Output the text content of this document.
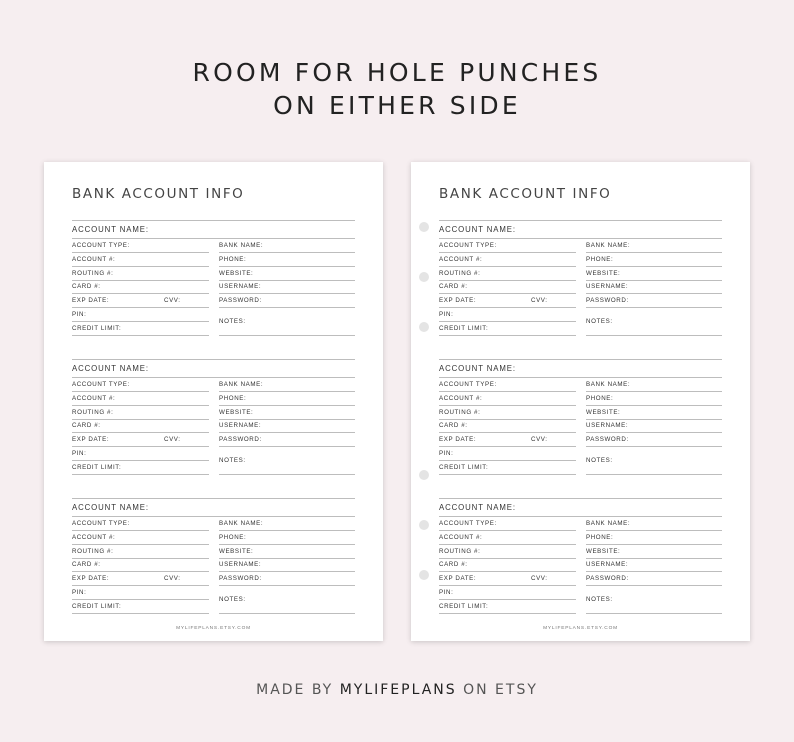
ROOM FOR HOLE PUNCHES
ON EITHER SIDE
BANK ACCOUNT INFO
ACCOUNT NAME:
ACCOUNT TYPE:	BANK NAME:
ACCOUNT #:	PHONE:
ROUTING #:	WEBSITE:
CARD #:	USERNAME:
EXP DATE:	CVV:	PASSWORD:
PIN:
CREDIT LIMIT:
NOTES:
ACCOUNT NAME:
ACCOUNT TYPE:	BANK NAME:
ACCOUNT #:	PHONE:
ROUTING #:	WEBSITE:
CARD #:	USERNAME:
EXP DATE:	CVV:	PASSWORD:
PIN:
CREDIT LIMIT:
NOTES:
ACCOUNT NAME:
ACCOUNT TYPE:	BANK NAME:
ACCOUNT #:	PHONE:
ROUTING #:	WEBSITE:
CARD #:	USERNAME:
EXP DATE:	CVV:	PASSWORD:
PIN:
CREDIT LIMIT:
NOTES:
MYLIFEPLANS.ETSY.COM
BANK ACCOUNT INFO
ACCOUNT NAME:
ACCOUNT TYPE:	BANK NAME:
ACCOUNT #:	PHONE:
ROUTING #:	WEBSITE:
CARD #:	USERNAME:
EXP DATE:	CVV:	PASSWORD:
PIN:
CREDIT LIMIT:
NOTES:
ACCOUNT NAME:
ACCOUNT TYPE:	BANK NAME:
ACCOUNT #:	PHONE:
ROUTING #:	WEBSITE:
CARD #:	USERNAME:
EXP DATE:	CVV:	PASSWORD:
PIN:
CREDIT LIMIT:
NOTES:
ACCOUNT NAME:
ACCOUNT TYPE:	BANK NAME:
ACCOUNT #:	PHONE:
ROUTING #:	WEBSITE:
CARD #:	USERNAME:
EXP DATE:	CVV:	PASSWORD:
PIN:
CREDIT LIMIT:
NOTES:
MYLIFEPLANS.ETSY.COM
MADE BY MYLIFEPLANS ON ETSY
